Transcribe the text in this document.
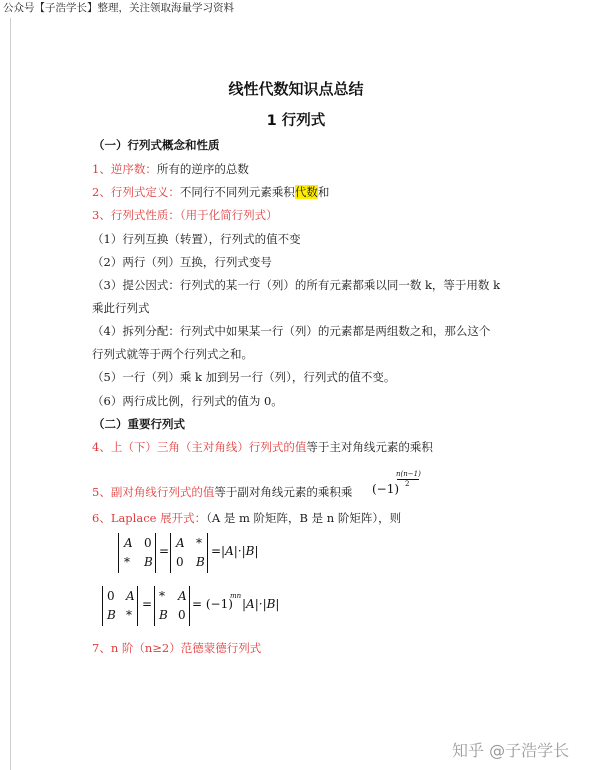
公众号【子浩学长】整理，关注领取海量学习资料
线性代数知识点总结
1 行列式
（一）行列式概念和性质
1、逆序数：所有的逆序的总数
2、行列式定义：不同行不同列元素乘积代数和
3、行列式性质：（用于化简行列式）
（1）行列互换（转置），行列式的值不变
（2）两行（列）互换，行列式变号
（3）提公因式：行列式的某一行（列）的所有元素都乘以同一数 k，等于用数 k
乘此行列式
（4）拆列分配：行列式中如果某一行（列）的元素都是两组数之和，那么这个
行列式就等于两个行列式之和。
（5）一行（列）乘 k 加到另一行（列），行列式的值不变。
（6）两行成比例，行列式的值为 0。
（二）重要行列式
4、上（下）三角（主对角线）行列式的值等于主对角线元素的乘积
5、副对角线行列式的值等于副对角线元素的乘积乘	(−1)
n(n−1)
2
6、Laplace 展开式：（A 是 m 阶矩阵，B 是 n 阶矩阵），则
A 0
* B
=
A *
0 B
=|A|·|B|
0 A
B *
=
* A
B 0
= (−1)
mn
|A|·|B|
7、n 阶（n≥2）范德蒙德行列式
知乎 @子浩学长
